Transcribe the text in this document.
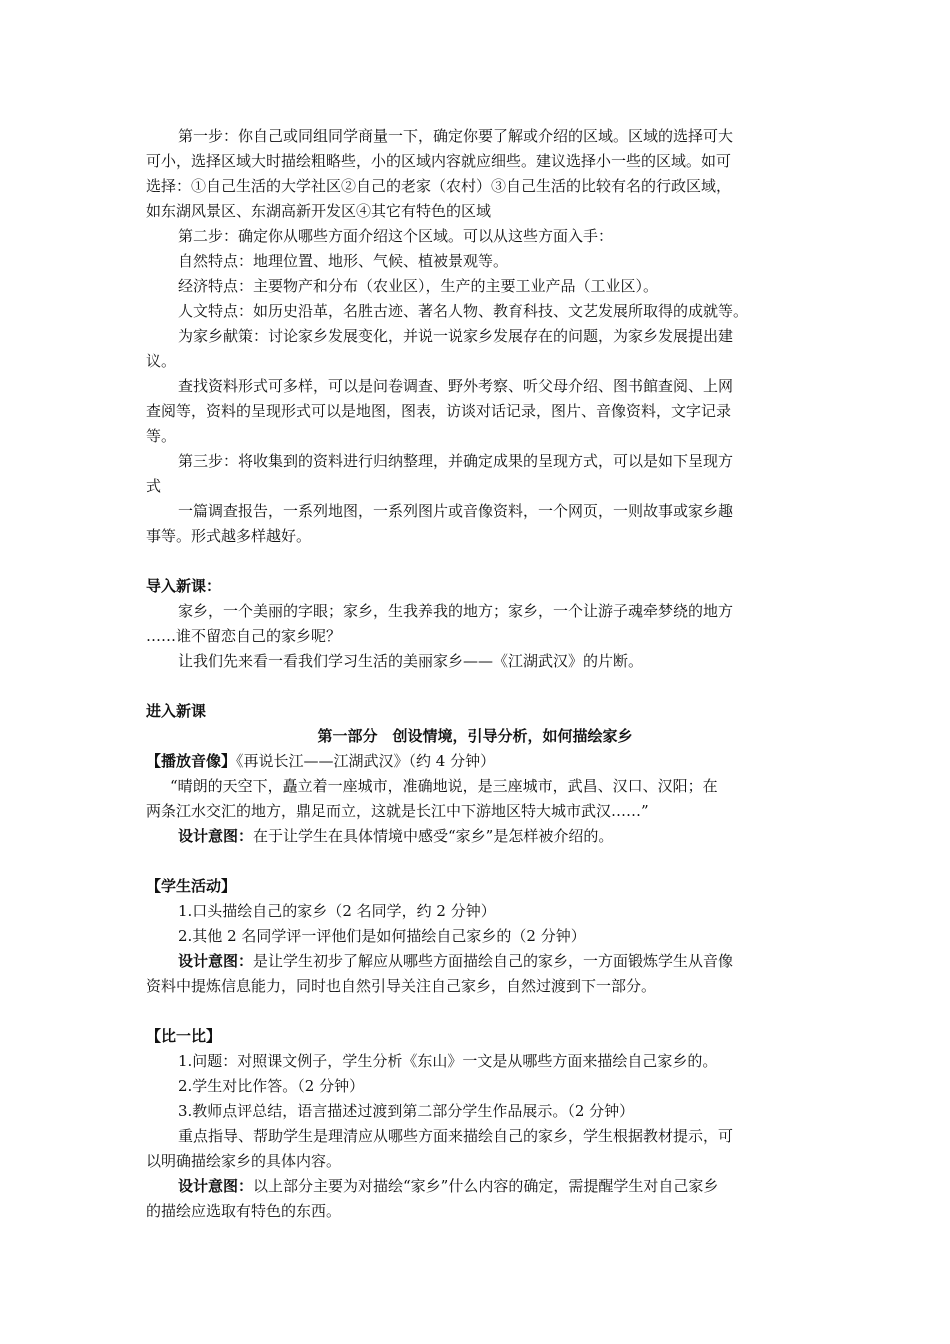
第一步：你自己或同组同学商量一下，确定你要了解或介绍的区域。区域的选择可大
可小，选择区域大时描绘粗略些，小的区域内容就应细些。建议选择小一些的区域。如可
选择：①自己生活的大学社区②自己的老家（农村）③自己生活的比较有名的行政区域，
如东湖风景区、东湖高新开发区④其它有特色的区域
第二步：确定你从哪些方面介绍这个区域。可以从这些方面入手：
自然特点：地理位置、地形、气候、植被景观等。
经济特点：主要物产和分布（农业区），生产的主要工业产品（工业区）。
人文特点：如历史沿革，名胜古迹、著名人物、教育科技、文艺发展所取得的成就等。
为家乡献策：讨论家乡发展变化，并说一说家乡发展存在的问题，为家乡发展提出建
议。
查找资料形式可多样，可以是问卷调查、野外考察、听父母介绍、图书館查阅、上网
查阅等，资料的呈现形式可以是地图，图表，访谈对话记录，图片、音像资料，文字记录
等。
第三步：将收集到的资料进行归纳整理，并确定成果的呈现方式，可以是如下呈现方
式
一篇调查报告，一系列地图，一系列图片或音像资料，一个网页，一则故事或家乡趣
事等。形式越多样越好。
导入新课：
家乡，一个美丽的字眼；家乡，生我养我的地方；家乡，一个让游子魂牵梦绕的地方
……谁不留恋自己的家乡呢？
让我们先来看一看我们学习生活的美丽家乡——《江湖武汉》的片断。
进入新课
第一部分　创设情境，引导分析，如何描绘家乡
【播放音像】《再说长江——江湖武汉》（约 4 分钟）
“晴朗的天空下，矗立着一座城市，准确地说，是三座城市，武昌、汉口、汉阳；在
两条江水交汇的地方，鼎足而立，这就是长江中下游地区特大城市武汉……”
设计意图：在于让学生在具体情境中感受“家乡”是怎样被介绍的。
【学生活动】
1.口头描绘自己的家乡（2 名同学，约 2 分钟）
2.其他 2 名同学评一评他们是如何描绘自己家乡的（2 分钟）
设计意图：是让学生初步了解应从哪些方面描绘自己的家乡，一方面锻炼学生从音像
资料中提炼信息能力，同时也自然引导关注自己家乡，自然过渡到下一部分。
【比一比】
1.问题：对照课文例子，学生分析《东山》一文是从哪些方面来描绘自己家乡的。
2.学生对比作答。（2 分钟）
3.教师点评总结，语言描述过渡到第二部分学生作品展示。（2 分钟）
重点指导、帮助学生是理清应从哪些方面来描绘自己的家乡，学生根据教材提示，可
以明确描绘家乡的具体内容。
设计意图：以上部分主要为对描绘“家乡”什么内容的确定，需提醒学生对自己家乡
的描绘应选取有特色的东西。
